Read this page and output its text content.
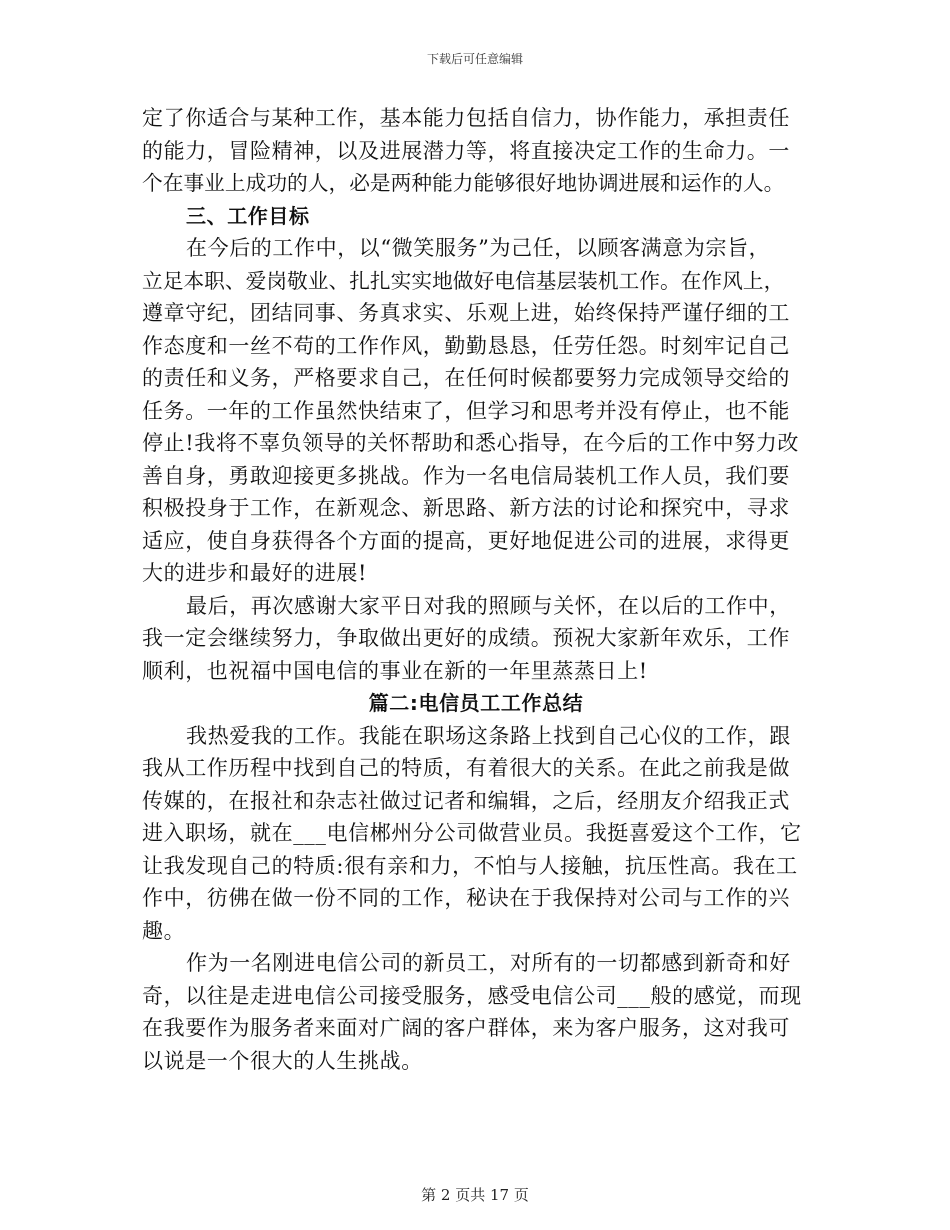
下载后可任意编辑
定了你适合与某种工作，基本能力包括自信力，协作能力，承担责任
的能力，冒险精神，以及进展潜力等，将直接决定工作的生命力。一
个在事业上成功的人，必是两种能力能够很好地协调进展和运作的人。
三、工作目标
在今后的工作中，以“微笑服务”为己任，以顾客满意为宗旨，
立足本职、爱岗敬业、扎扎实实地做好电信基层装机工作。在作风上，
遵章守纪，团结同事、务真求实、乐观上进，始终保持严谨仔细的工
作态度和一丝不苟的工作作风，勤勤恳恳，任劳任怨。时刻牢记自己
的责任和义务，严格要求自己，在任何时候都要努力完成领导交给的
任务。一年的工作虽然快结束了，但学习和思考并没有停止，也不能
停止!我将不辜负领导的关怀帮助和悉心指导，在今后的工作中努力改
善自身，勇敢迎接更多挑战。作为一名电信局装机工作人员，我们要
积极投身于工作，在新观念、新思路、新方法的讨论和探究中，寻求
适应，使自身获得各个方面的提高，更好地促进公司的进展，求得更
大的进步和最好的进展!
最后，再次感谢大家平日对我的照顾与关怀，在以后的工作中，
我一定会继续努力，争取做出更好的成绩。预祝大家新年欢乐，工作
顺利，也祝福中国电信的事业在新的一年里蒸蒸日上!
篇二:电信员工工作总结
我热爱我的工作。我能在职场这条路上找到自己心仪的工作，跟
我从工作历程中找到自己的特质，有着很大的关系。在此之前我是做
传媒的，在报社和杂志社做过记者和编辑，之后，经朋友介绍我正式
进入职场，就在___电信郴州分公司做营业员。我挺喜爱这个工作，它
让我发现自己的特质:很有亲和力，不怕与人接触，抗压性高。我在工
作中，彷佛在做一份不同的工作，秘诀在于我保持对公司与工作的兴
趣。
作为一名刚进电信公司的新员工，对所有的一切都感到新奇和好
奇，以往是走进电信公司接受服务，感受电信公司___般的感觉，而现
在我要作为服务者来面对广阔的客户群体，来为客户服务，这对我可
以说是一个很大的人生挑战。
第 2 页共 17 页
